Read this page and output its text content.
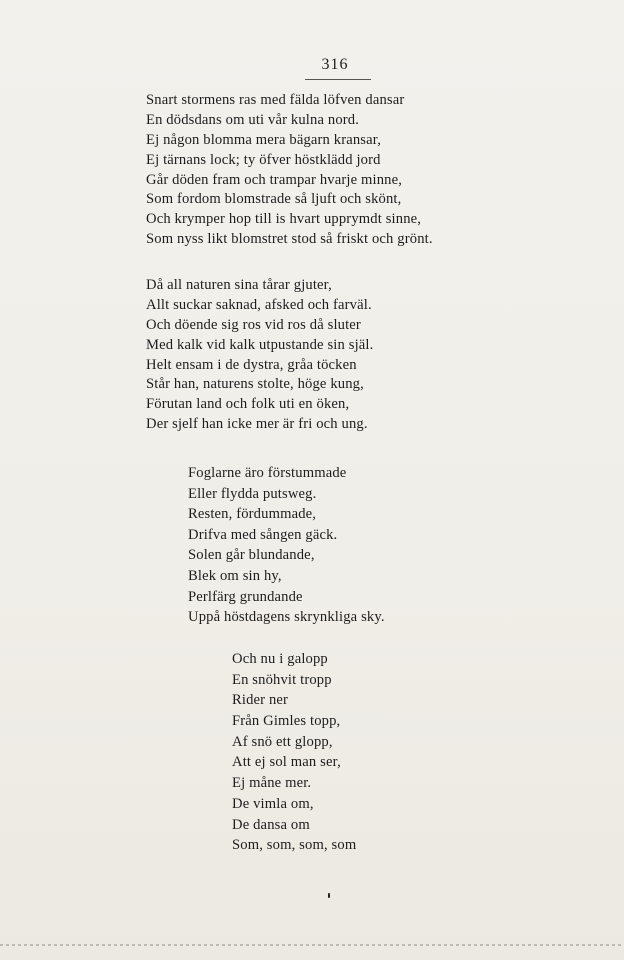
316
Snart stormens ras med fälda löfven dansar
En dödsdans om uti vår kulna nord.
Ej någon blomma mera bägarn kransar,
Ej tärnans lock; ty öfver höstklädd jord
Går döden fram och trampar hvarje minne,
Som fordom blomstrade så ljuft och skönt,
Och krymper hop till is hvart upprymdt sinne,
Som nyss likt blomstret stod så friskt och grönt.
Då all naturen sina tårar gjuter,
Allt suckar saknad, afsked och farväl.
Och döende sig ros vid ros då sluter
Med kalk vid kalk utpustande sin själ.
Helt ensam i de dystra, gråa töcken
Står han, naturens stolte, höge kung,
Förutan land och folk uti en öken,
Der sjelf han icke mer är fri och ung.
Foglarne äro förstummade
Eller flydda putsweg.
Resten, fördummade,
Drifva med sången gäck.
Solen går blundande,
Blek om sin hy,
Perlfärg grundande
Uppå höstdagens skrynkliga sky.
Och nu i galopp
En snöhvit tropp
Rider ner
Från Gimles topp,
Af snö ett glopp,
Att ej sol man ser,
Ej måne mer.
De vimla om,
De dansa om
Som, som, som, som
